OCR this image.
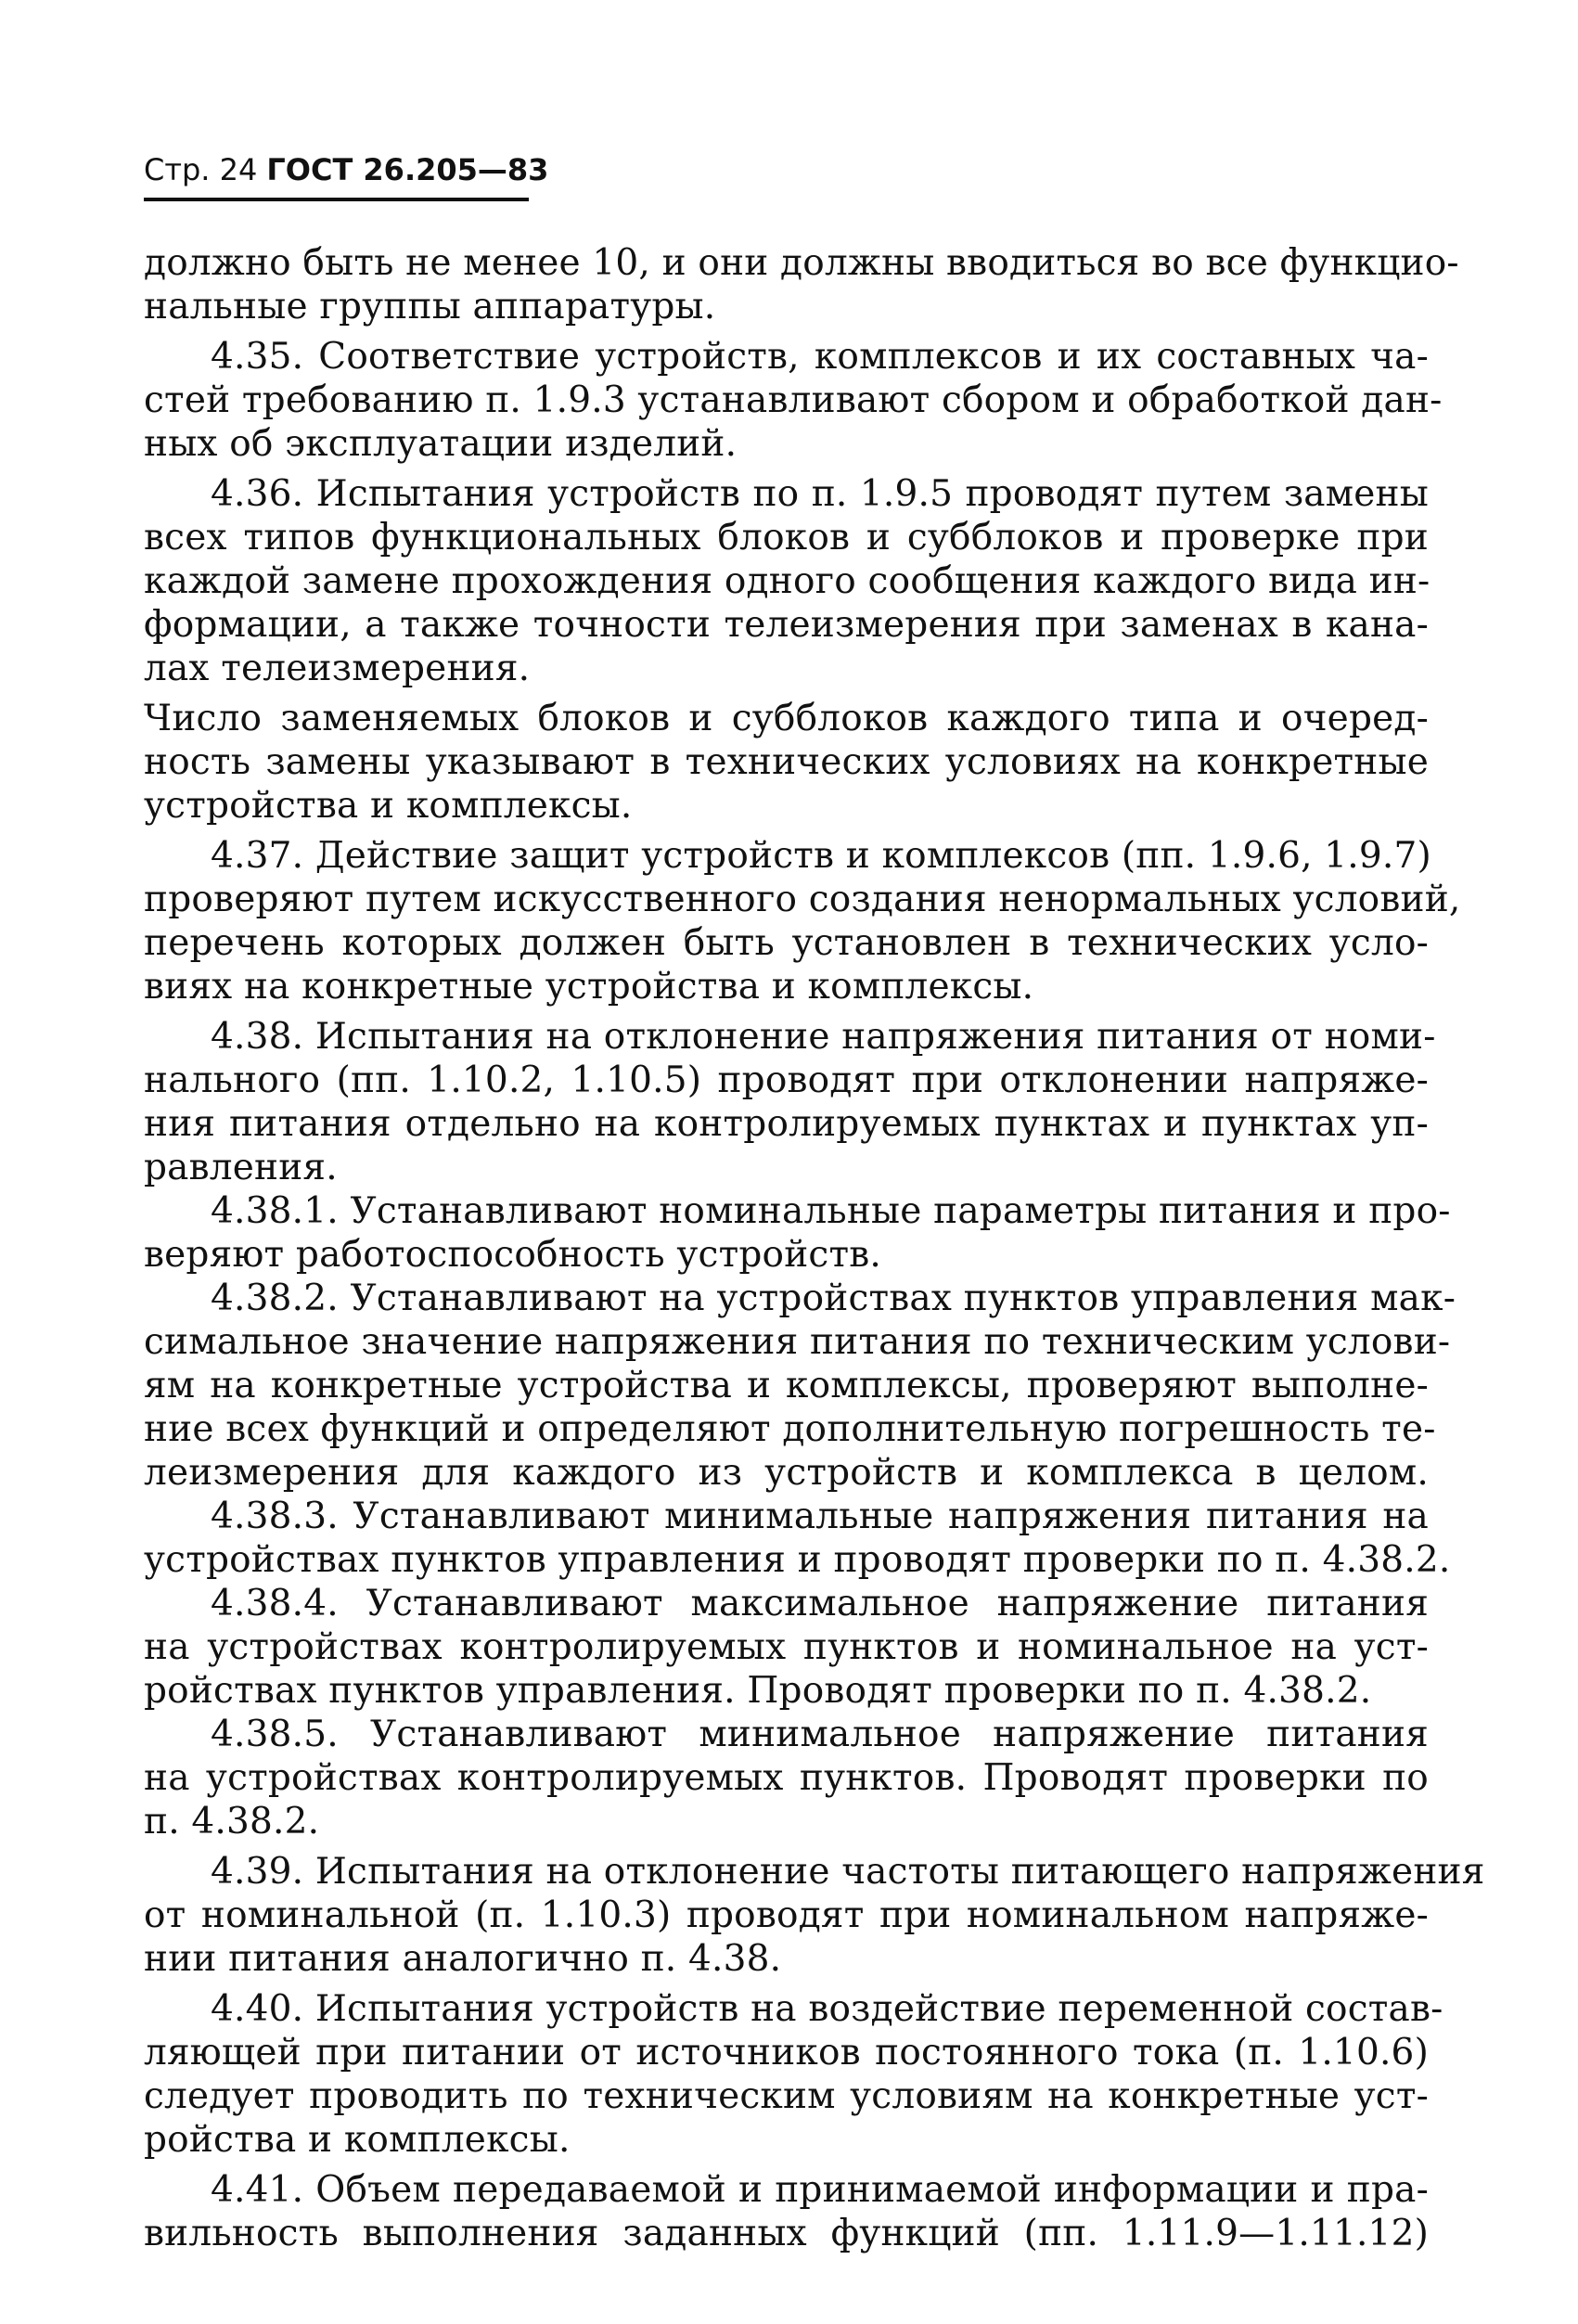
Стр. 24 ГОСТ 26.205—83
должно быть не менее 10, и они должны вводиться во все функцио-
нальные группы аппаратуры.
4.35. Соответствие устройств, комплексов и их составных ча-
стей требованию п. 1.9.3 устанавливают сбором и обработкой дан-
ных об эксплуатации изделий.
4.36. Испытания устройств по п. 1.9.5 проводят путем замены
всех типов функциональных блоков и субблоков и проверке при
каждой замене прохождения одного сообщения каждого вида ин-
формации, а также точности телеизмерения при заменах в кана-
лах телеизмерения.
Число заменяемых блоков и субблоков каждого типа и очеред-
ность замены указывают в технических условиях на конкретные
устройства и комплексы.
4.37. Действие защит устройств и комплексов (пп. 1.9.6, 1.9.7)
проверяют путем искусственного создания ненормальных условий,
перечень которых должен быть установлен в технических усло-
виях на конкретные устройства и комплексы.
4.38. Испытания на отклонение напряжения питания от номи-
нального (пп. 1.10.2, 1.10.5) проводят при отклонении напряже-
ния питания отдельно на контролируемых пунктах и пунктах уп-
равления.
4.38.1. Устанавливают номинальные параметры питания и про-
веряют работоспособность устройств.
4.38.2. Устанавливают на устройствах пунктов управления мак-
симальное значение напряжения питания по техническим услови-
ям на конкретные устройства и комплексы, проверяют выполне-
ние всех функций и определяют дополнительную погрешность те-
леизмерения для каждого из устройств и комплекса в целом.
4.38.3. Устанавливают минимальные напряжения питания на
устройствах пунктов управления и проводят проверки по п. 4.38.2.
4.38.4. Устанавливают максимальное напряжение питания
на устройствах контролируемых пунктов и номинальное на уст-
ройствах пунктов управления. Проводят проверки по п. 4.38.2.
4.38.5. Устанавливают минимальное напряжение питания
на устройствах контролируемых пунктов. Проводят проверки по
п. 4.38.2.
4.39. Испытания на отклонение частоты питающего напряжения
от номинальной (п. 1.10.3) проводят при номинальном напряже-
нии питания аналогично п. 4.38.
4.40. Испытания устройств на воздействие переменной состав-
ляющей при питании от источников постоянного тока (п. 1.10.6)
следует проводить по техническим условиям на конкретные уст-
ройства и комплексы.
4.41. Объем передаваемой и принимаемой информации и пра-
вильность выполнения заданных функций (пп. 1.11.9—1.11.12)
